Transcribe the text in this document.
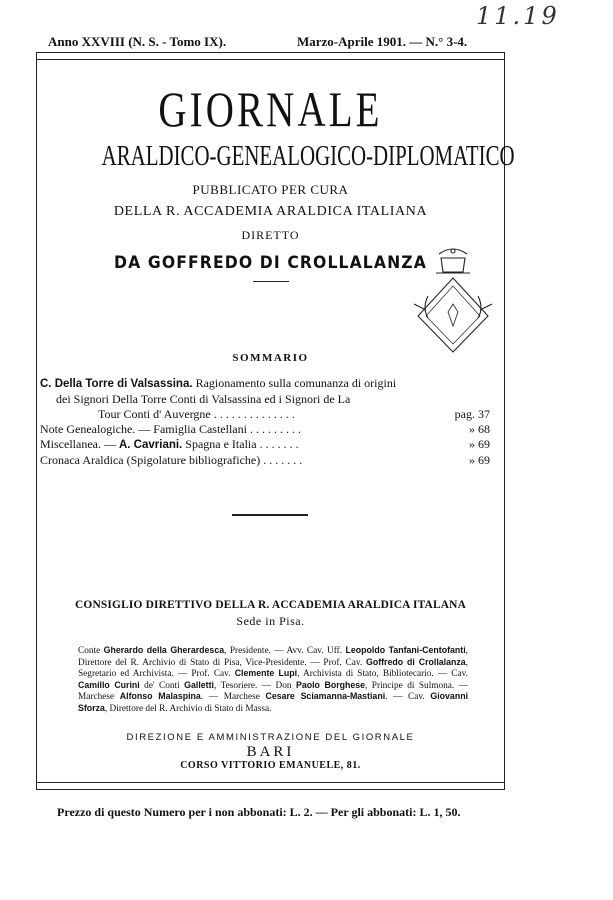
Anno XXVIII (N. S. - Tomo IX).	Marzo-Aprile 1901. — N.° 3-4.
11.19
GIORNALE
ARALDICO-GENEALOGICO-DIPLOMATICO
PUBBLICATO PER CURA
DELLA R. ACCADEMIA ARALDICA ITALIANA
DIRETTO
DA GOFFREDO DI CROLLALANZA
SOMMARIO
C. Della Torre di Valsassina. Ragionamento sulla comunanza di origini
dei Signori Della Torre Conti di Valsassina ed i Signori de La
Tour Conti d' Auvergne . . . . . . . . . . . . . .	pag. 37
Note Genealogiche. — Famiglia Castellani . . . . . . . . .	» 68
Miscellanea. — A. Cavriani. Spagna e Italia . . . . . . .	» 69
Cronaca Araldica (Spigolature bibliografiche) . . . . . . .	» 69
CONSIGLIO DIRETTIVO DELLA R. ACCADEMIA ARALDICA ITALANA
Sede in Pisa.
Conte Gherardo della Gherardesca, Presidente. — Avv. Cav. Uff. Leopoldo Tanfani-Centofanti, Direttore del R. Archivio di Stato di Pisa, Vice-Presidente. — Prof. Cav. Goffredo di Crollalanza, Segretario ed Archivista. — Prof. Cav. Clemente Lupi, Archivista di Stato, Bibliotecario. — Cav. Camillo Curini de' Conti Galletti, Tesoriere. — Don Paolo Borghese, Principe di Sulmona. — Marchese Alfonso Malaspina. — Marchese Cesare Sciamanna-Mastiani. — Cav. Giovanni Sforza, Direttore del R. Archivio di Stato di Massa.
DIREZIONE E AMMINISTRAZIONE DEL GIORNALE
BARI
CORSO VITTORIO EMANUELE, 81.
Prezzo di questo Numero per i non abbonati: L. 2. — Per gli abbonati: L. 1, 50.
